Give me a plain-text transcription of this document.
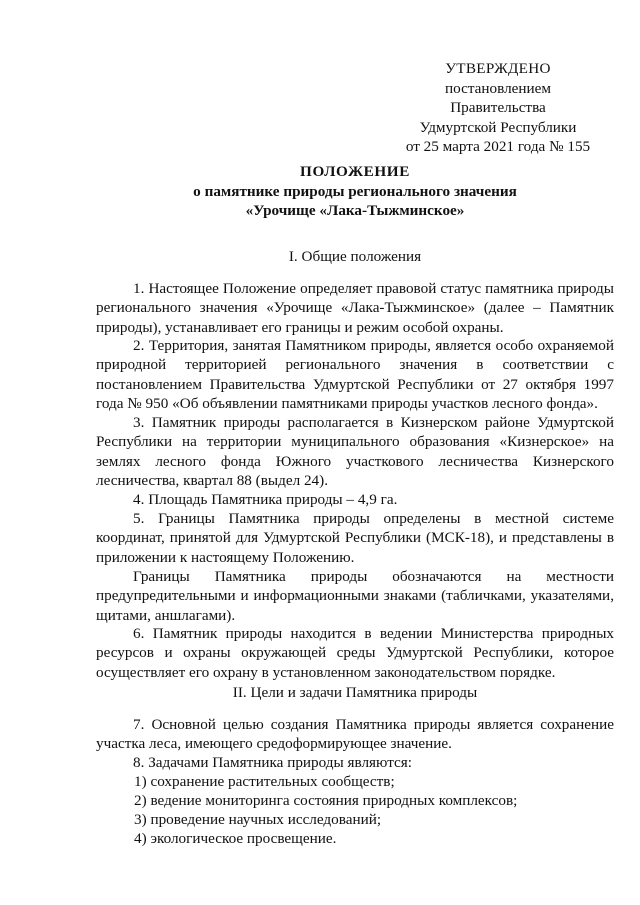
УТВЕРЖДЕНО
постановлением Правительства
Удмуртской Республики
от 25 марта 2021 года № 155
ПОЛОЖЕНИЕ
о памятнике природы регионального значения
«Урочище «Лака-Тыжминское»
I. Общие положения
1. Настоящее Положение определяет правовой статус памятника природы регионального значения «Урочище «Лака-Тыжминское» (далее – Памятник природы), устанавливает его границы и режим особой охраны.
2. Территория, занятая Памятником природы, является особо охраняемой природной территорией регионального значения в соответствии с постановлением Правительства Удмуртской Республики от 27 октября 1997 года № 950 «Об объявлении памятниками природы участков лесного фонда».
3. Памятник природы располагается в Кизнерском районе Удмуртской Республики на территории муниципального образования «Кизнерское» на землях лесного фонда Южного участкового лесничества Кизнерского лесничества, квартал 88 (выдел 24).
4. Площадь Памятника природы – 4,9 га.
5. Границы Памятника природы определены в местной системе координат, принятой для Удмуртской Республики (МСК-18), и представлены в приложении к настоящему Положению.
Границы Памятника природы обозначаются на местности предупредительными и информационными знаками (табличками, указателями, щитами, аншлагами).
6. Памятник природы находится в ведении Министерства природных ресурсов и охраны окружающей среды Удмуртской Республики, которое осуществляет его охрану в установленном законодательством порядке.
II. Цели и задачи Памятника природы
7. Основной целью создания Памятника природы является сохранение участка леса, имеющего средоформирующее значение.
8. Задачами Памятника природы являются:
1) сохранение растительных сообществ;
2) ведение мониторинга состояния природных комплексов;
3) проведение научных исследований;
4) экологическое просвещение.
